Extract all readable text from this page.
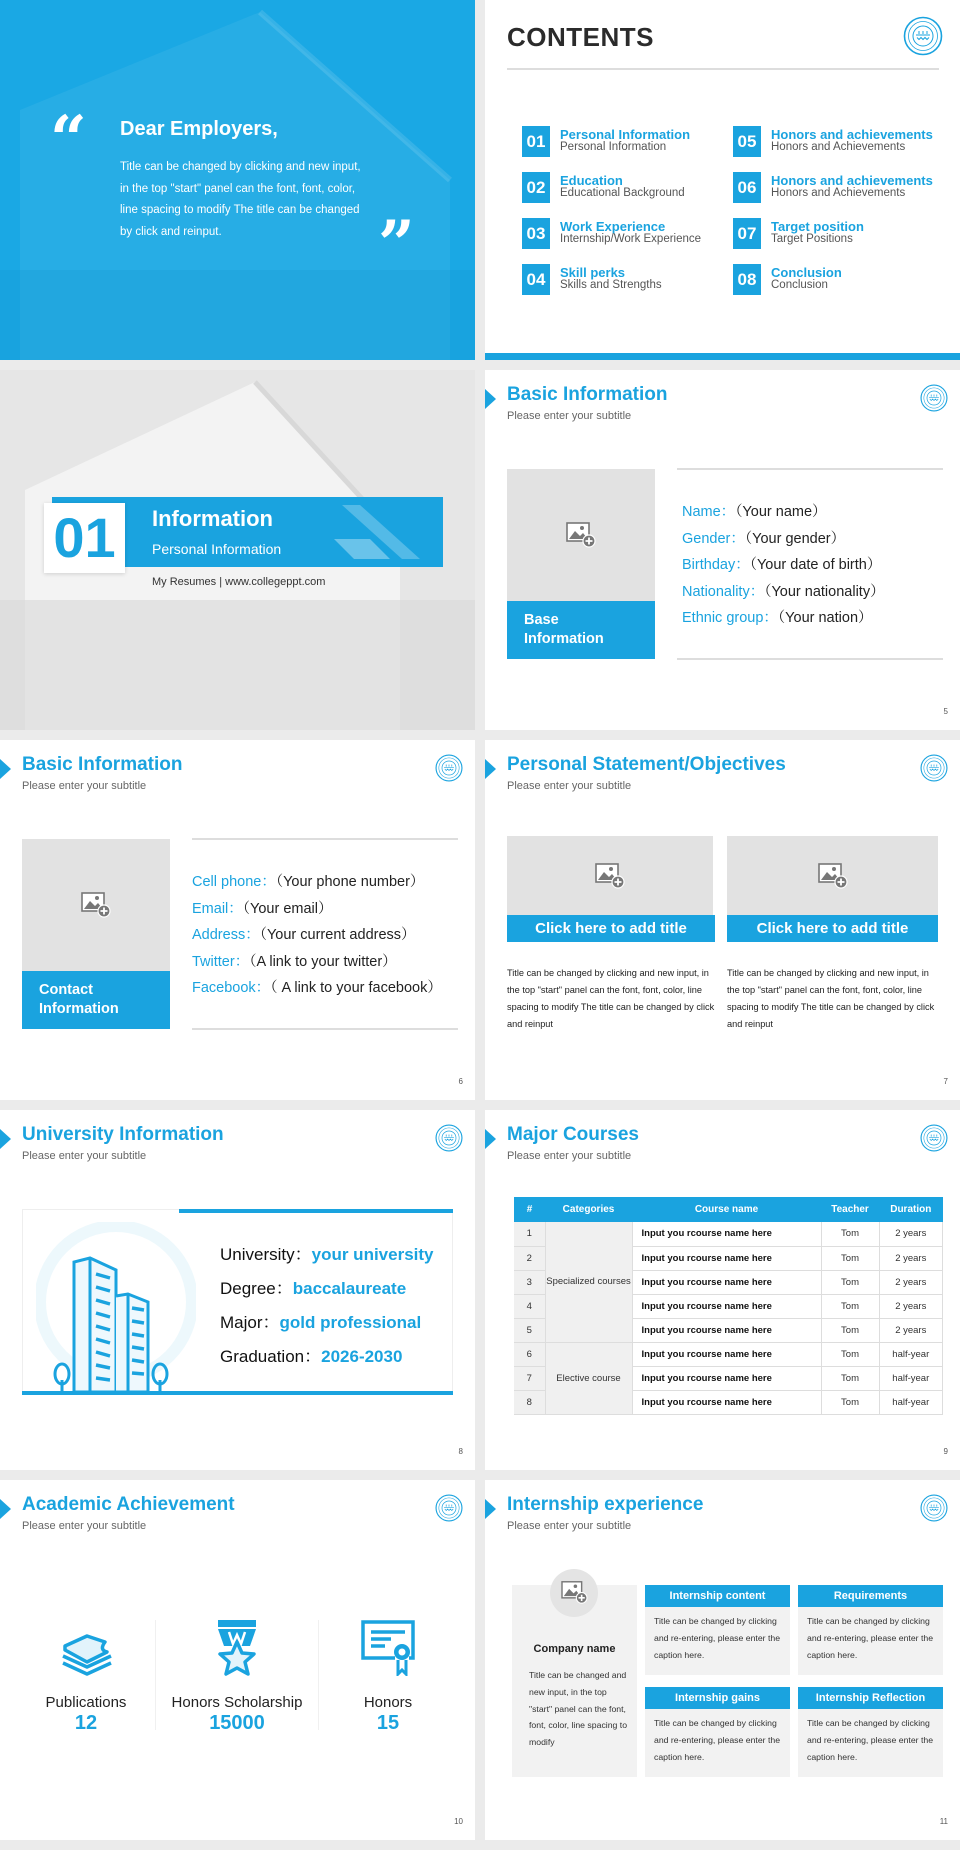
“ Dear Employers,
Title can be changed by clicking and new input, in the top "start" panel can the font, font, color, line spacing to modify The title can be changed by click and reinput.	”
CONTENTS
01	Personal Information
Personal Information
02	Education
Educational Background
03	Work Experience
Internship/Work Experience
04	Skill perks
Skills and Strengths
05	Honors and achievements
Honors and Achievements
06	Honors and achievements
Honors and Achievements
07	Target position
Target Positions
08	Conclusion
Conclusion
01	Information
Personal Information
My Resumes | www.collegeppt.com
Basic Information
Please enter your subtitle
Base
Information
Name：（Your name）
Gender：（Your gender）
Birthday：（Your date of birth）
Nationality：（Your nationality）
Ethnic group：（Your nation）
5
Basic Information
Please enter your subtitle
Contact
Information
Cell phone：（Your phone number）
Email：（Your email）
Address：（Your current address）
Twitter：（A link to your twitter）
Facebook：（ A link to your facebook）
6
Personal Statement/Objectives
Please enter your subtitle
Click here to add title
Title can be changed by clicking and new input, in the top "start" panel can the font, font, color, line spacing to modify The title can be changed by click and reinput
Click here to add title
Title can be changed by clicking and new input, in the top "start" panel can the font, font, color, line spacing to modify The title can be changed by click and reinput
7
University Information
Please enter your subtitle
University：your university
Degree：baccalaureate
Major：gold professional
Graduation：2026-2030
8
Major Courses
Please enter your subtitle
#	Categories	Course name	Teacher	Duration
1	Specialized courses	Input you rcourse name here	Tom	2 years
2		Input you rcourse name here	Tom	2 years
3		Input you rcourse name here	Tom	2 years
4		Input you rcourse name here	Tom	2 years
5		Input you rcourse name here	Tom	2 years
6	Elective course	Input you rcourse name here	Tom	half-year
7		Input you rcourse name here	Tom	half-year
8		Input you rcourse name here	Tom	half-year
9
Academic Achievement
Please enter your subtitle
Publications
12
Honors Scholarship
15000
Honors
15
10
Internship experience
Please enter your subtitle
Company name
Title can be changed and new input, in the top "start" panel can the font, font, color, line spacing to modify
Internship content
Title can be changed by clicking and re-entering, please enter the caption here.
Requirements
Title can be changed by clicking and re-entering, please enter the caption here.
Internship gains
Title can be changed by clicking and re-entering, please enter the caption here.
Internship Reflection
Title can be changed by clicking and re-entering, please enter the caption here.
11
